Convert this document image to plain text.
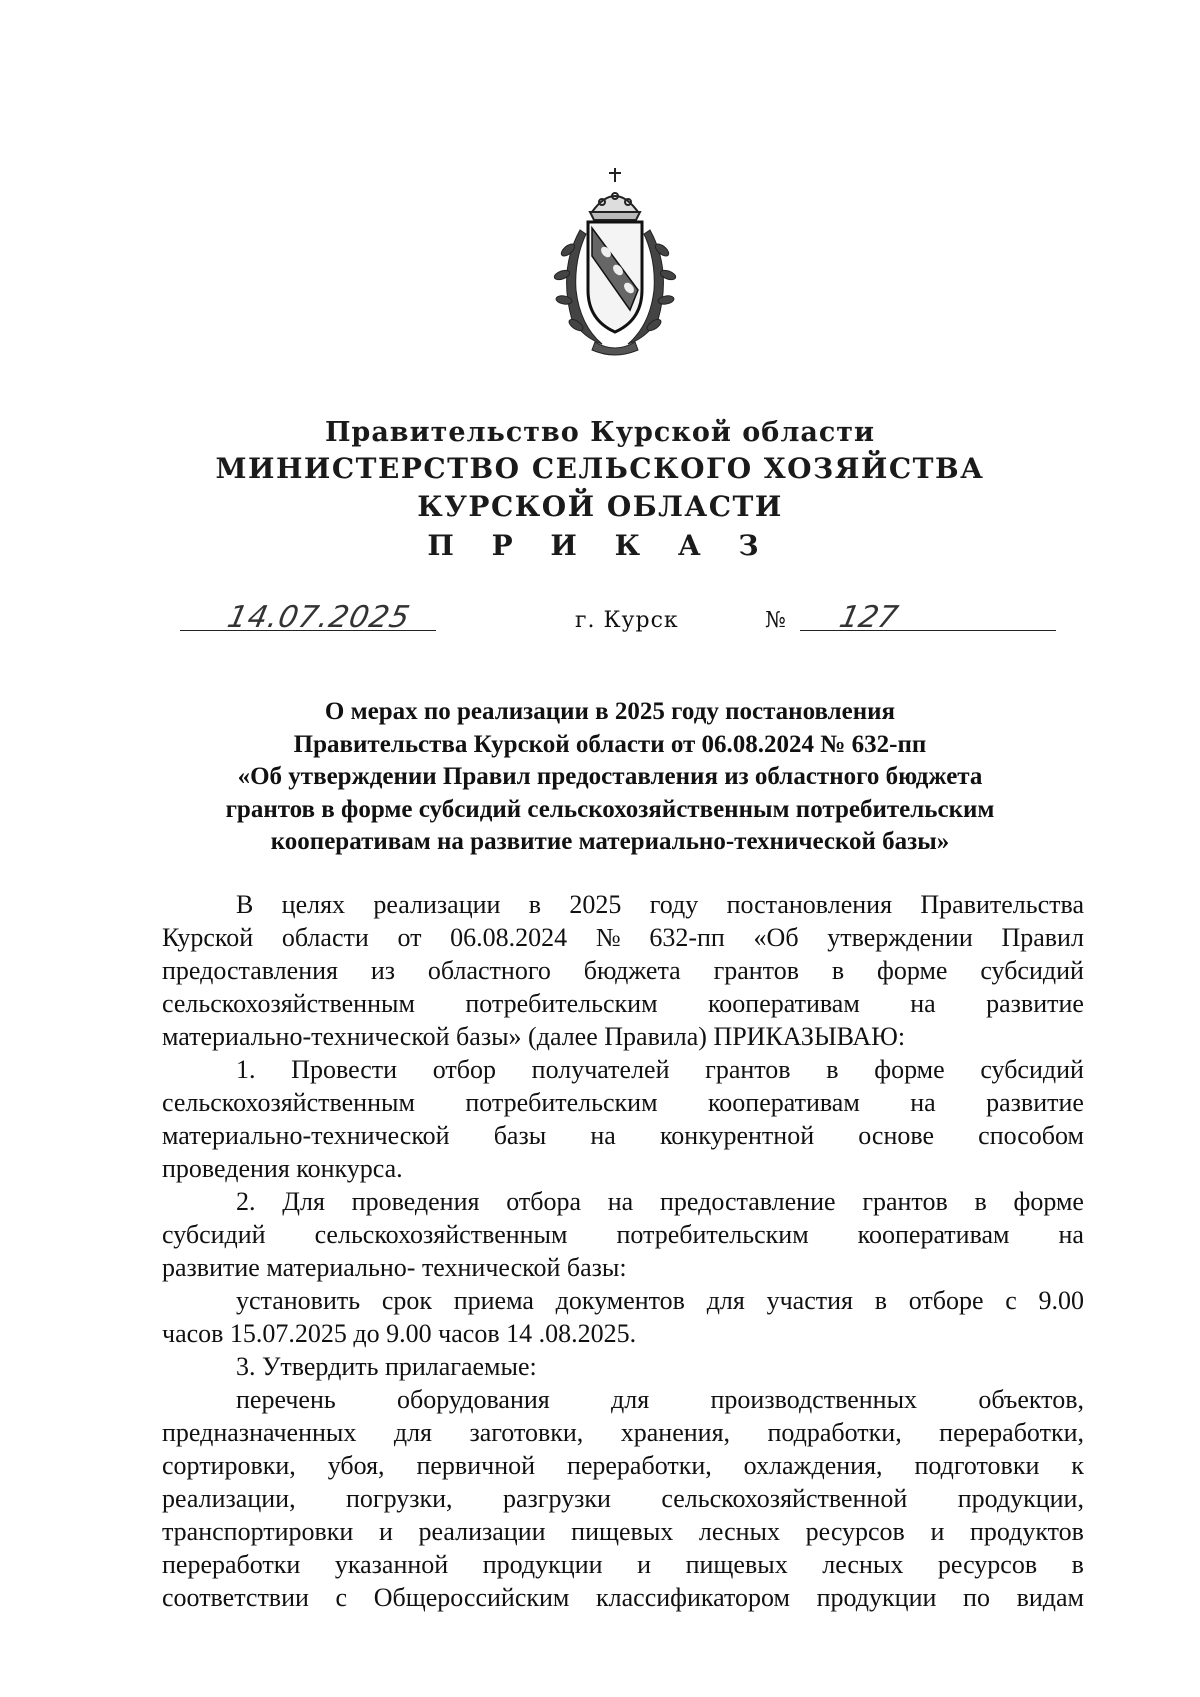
Правительство Курской области
МИНИСТЕРСТВО СЕЛЬСКОГО ХОЗЯЙСТВА
КУРСКОЙ ОБЛАСТИ
П Р И К А З
14.07.2025	г. Курск	№ 127
О мерах по реализации в 2025 году постановления
Правительства Курской области от 06.08.2024 № 632-пп
«Об утверждении Правил предоставления из областного бюджета
грантов в форме субсидий сельскохозяйственным потребительским
кооперативам на развитие материально-технической базы»
В целях реализации в 2025 году постановления Правительства
Курской области от 06.08.2024 № 632-пп «Об утверждении Правил
предоставления из областного бюджета грантов в форме субсидий
сельскохозяйственным потребительским кооперативам на развитие
материально-технической базы» (далее Правила) ПРИКАЗЫВАЮ:
1. Провести отбор получателей грантов в форме субсидий
сельскохозяйственным потребительским кооперативам на развитие
материально-технической базы на конкурентной основе способом
проведения конкурса.
2. Для проведения отбора на предоставление грантов в форме
субсидий сельскохозяйственным потребительским кооперативам на
развитие материально- технической базы:
установить срок приема документов для участия в отборе с 9.00
часов 15.07.2025 до 9.00 часов 14 .08.2025.
3. Утвердить прилагаемые:
перечень оборудования для производственных объектов,
предназначенных для заготовки, хранения, подработки, переработки,
сортировки, убоя, первичной переработки, охлаждения, подготовки к
реализации, погрузки, разгрузки сельскохозяйственной продукции,
транспортировки и реализации пищевых лесных ресурсов и продуктов
переработки указанной продукции и пищевых лесных ресурсов в
соответствии с Общероссийским классификатором продукции по видам
